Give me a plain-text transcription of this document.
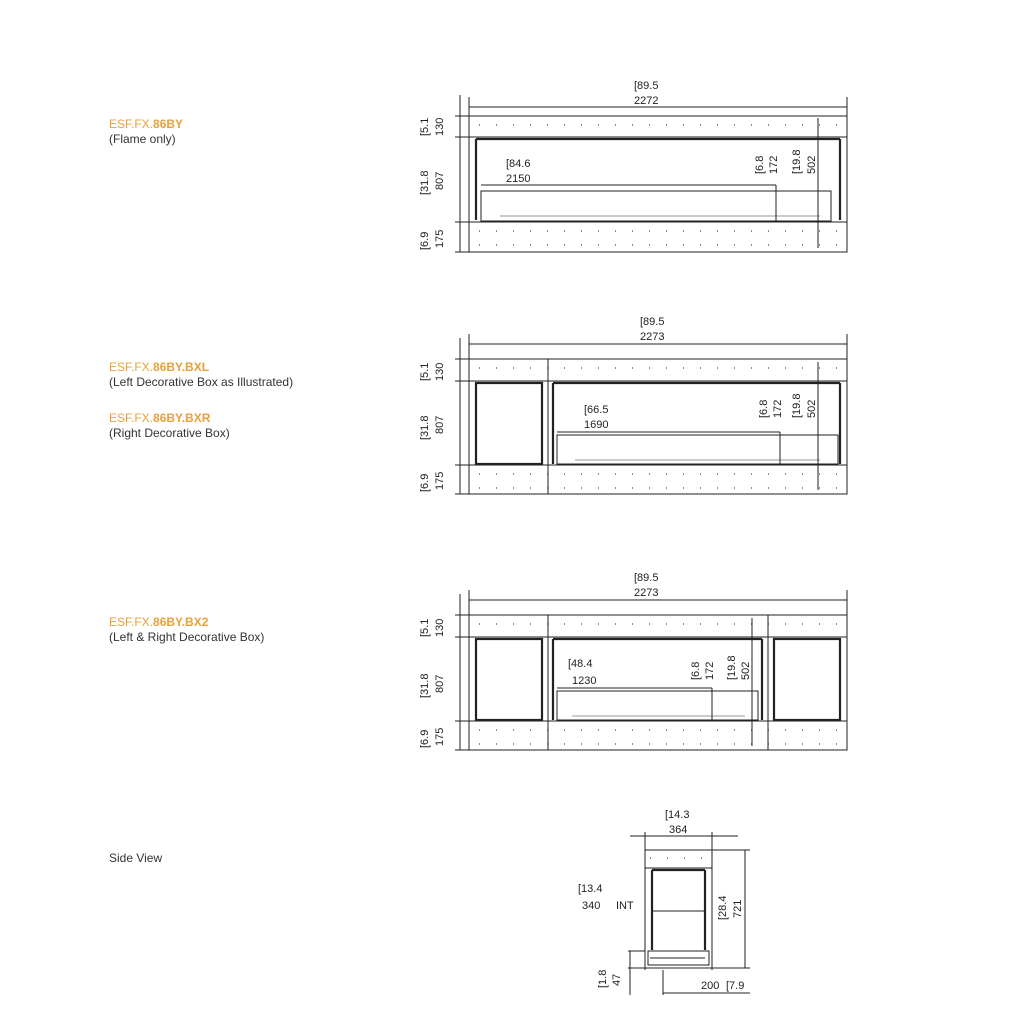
ESF.FX.86BY
(Flame only)
ESF.FX.86BY.BXL
(Left Decorative Box as Illustrated)
ESF.FX.86BY.BXR
(Right Decorative Box)
ESF.FX.86BY.BX2
(Left & Right Decorative Box)
Side View
[89.5
2272
[84.6
2150
[6.8 172 [19.8 502
[5.1 130
[31.8 807
[6.9 175
[89.5
2273
[66.5
1690
[6.8 172 [19.8 502
[5.1 130
[31.8 807
[6.9 175
[89.5
2273
[48.4
1230
[6.8 172 [19.8 502
[5.1 130
[31.8 807
[6.9 175
[14.3
364
[13.4
340 INT	[28.4 721
[1.8 47	200 [7.9
